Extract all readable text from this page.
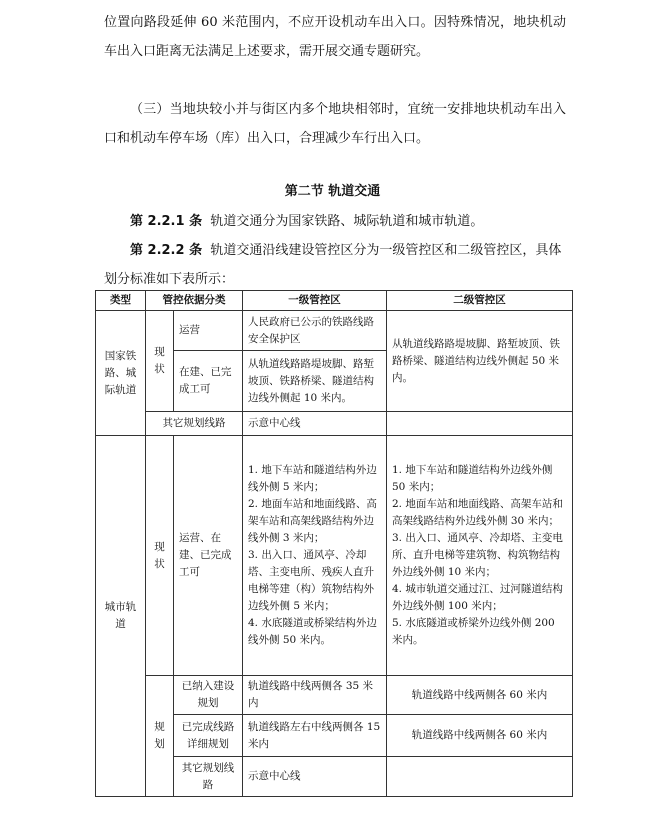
位置向路段延伸 60 米范围内，不应开设机动车出入口。因特殊情况，地块机动车出入口距离无法满足上述要求，需开展交通专题研究。

（三）当地块较小并与街区内多个地块相邻时，宜统一安排地块机动车出入口和机动车停车场（库）出入口，合理减少车行出入口。

第二节 轨道交通

第 2.2.1 条 轨道交通分为国家铁路、城际轨道和城市轨道。

第 2.2.2 条 轨道交通沿线建设管控区分为一级管控区和二级管控区，具体划分标准如下表所示：

类型	管控依据分类		一级管控区	二级管控区
国家铁路、城际轨道	现状	运营	人民政府已公示的铁路线路安全保护区	从轨道线路路堤坡脚、路堑坡顶、铁路桥梁、隧道结构边线外侧起 50 米内。
		在建、已完成工可	从轨道线路路堤坡脚、路堑坡顶、铁路桥梁、隧道结构边线外侧起 10 米内。	
	其它规划线路		示意中心线	
城市轨道	现状	运营、在建、已完成工可	1. 地下车站和隧道结构外边线外侧 5 米内；
2. 地面车站和地面线路、高架车站和高架线路结构外边线外侧 3 米内；
3. 出入口、通风亭、冷却塔、主变电所、残疾人直升电梯等建（构）筑物结构外边线外侧 5 米内；
4. 水底隧道或桥梁结构外边线外侧 50 米内。	1. 地下车站和隧道结构外边线外侧 50 米内；
2. 地面车站和地面线路、高架车站和高架线路结构外边线外侧 30 米内；
3. 出入口、通风亭、冷却塔、主变电所、直升电梯等建筑物、构筑物结构外边线外侧 10 米内；
4. 城市轨道交通过江、过河隧道结构外边线外侧 100 米内；
5. 水底隧道或桥梁外边线外侧 200 米内。
	规划	已纳入建设规划	轨道线路中线两侧各 35 米内	轨道线路中线两侧各 60 米内
		已完成线路详细规划	轨道线路左右中线两侧各 15 米内	轨道线路中线两侧各 60 米内
		其它规划线路	示意中心线	
